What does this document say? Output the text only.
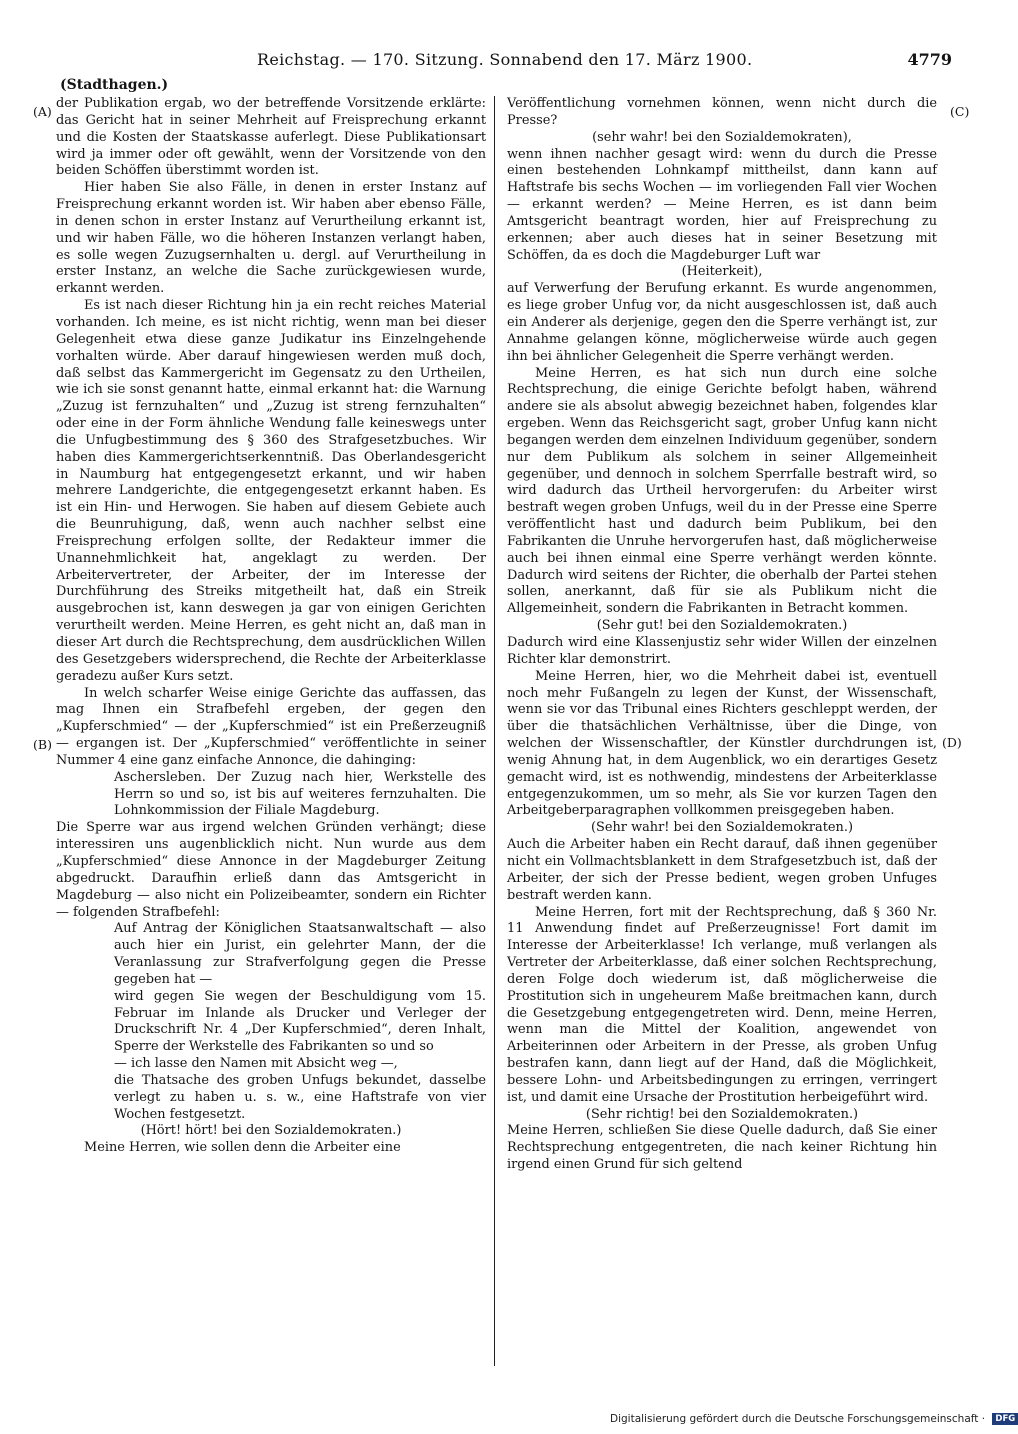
Reichstag. — 170. Sitzung. Sonnabend den 17. März 1900.	4779
(Stadthagen.)
(A)
(B)
(C)
(D)

der Publikation ergab, wo der betreffende Vorsitzende erklärte: das Gericht hat in seiner Mehrheit auf Freisprechung erkannt und die Kosten der Staatskasse auferlegt. Diese Publikationsart wird ja immer oder oft gewählt, wenn der Vorsitzende von den beiden Schöffen überstimmt worden ist.

Hier haben Sie also Fälle, in denen in erster Instanz auf Freisprechung erkannt worden ist. Wir haben aber ebenso Fälle, in denen schon in erster Instanz auf Verurtheilung erkannt ist, und wir haben Fälle, wo die höheren Instanzen verlangt haben, es solle wegen Zuzugsernhalten u. dergl. auf Verurtheilung in erster Instanz, an welche die Sache zurückgewiesen wurde, erkannt werden.

Es ist nach dieser Richtung hin ja ein recht reiches Material vorhanden. Ich meine, es ist nicht richtig, wenn man bei dieser Gelegenheit etwa diese ganze Judikatur ins Einzelngehende vorhalten würde. Aber darauf hingewiesen werden muß doch, daß selbst das Kammergericht im Gegensatz zu den Urtheilen, wie ich sie sonst genannt hatte, einmal erkannt hat: die Warnung „Zuzug ist fernzuhalten“ und „Zuzug ist streng fernzuhalten“ oder eine in der Form ähnliche Wendung falle keineswegs unter die Unfugbestimmung des § 360 des Strafgesetzbuches. Wir haben dies Kammergerichtserkenntniß. Das Oberlandesgericht in Naumburg hat entgegengesetzt erkannt, und wir haben mehrere Landgerichte, die entgegengesetzt erkannt haben. Es ist ein Hin- und Herwogen. Sie haben auf diesem Gebiete auch die Beunruhigung, daß, wenn auch nachher selbst eine Freisprechung erfolgen sollte, der Redakteur immer die Unannehmlichkeit hat, angeklagt zu werden. Der Arbeitervertreter, der Arbeiter, der im Interesse der Durchführung des Streiks mitgetheilt hat, daß ein Streik ausgebrochen ist, kann deswegen ja gar von einigen Gerichten verurtheilt werden. Meine Herren, es geht nicht an, daß man in dieser Art durch die Rechtsprechung, dem ausdrücklichen Willen des Gesetzgebers widersprechend, die Rechte der Arbeiterklasse geradezu außer Kurs setzt.

In welch scharfer Weise einige Gerichte das auffassen, das mag Ihnen ein Strafbefehl ergeben, der gegen den „Kupferschmied“ — der „Kupferschmied“ ist ein Preßerzeugniß — ergangen ist. Der „Kupferschmied“ veröffentlichte in seiner Nummer 4 eine ganz einfache Annonce, die dahinging:

Aschersleben. Der Zuzug nach hier, Werkstelle des Herrn so und so, ist bis auf weiteres fernzuhalten. Die Lohnkommission der Filiale Magdeburg.

Die Sperre war aus irgend welchen Gründen verhängt; diese interessiren uns augenblicklich nicht. Nun wurde aus dem „Kupferschmied“ diese Annonce in der Magdeburger Zeitung abgedruckt. Daraufhin erließ dann das Amtsgericht in Magdeburg — also nicht ein Polizeibeamter, sondern ein Richter — folgenden Strafbefehl:

Auf Antrag der Königlichen Staatsanwaltschaft — also auch hier ein Jurist, ein gelehrter Mann, der die Veranlassung zur Strafverfolgung gegen die Presse gegeben hat —

wird gegen Sie wegen der Beschuldigung vom 15. Februar im Inlande als Drucker und Verleger der Druckschrift Nr. 4 „Der Kupferschmied“, deren Inhalt, Sperre der Werkstelle des Fabrikanten so und so

— ich lasse den Namen mit Absicht weg —,

die Thatsache des groben Unfugs bekundet, dasselbe verlegt zu haben u. s. w., eine Haftstrafe von vier Wochen festgesetzt.

(Hört! hört! bei den Sozialdemokraten.)

Meine Herren, wie sollen denn die Arbeiter eine

Veröffentlichung vornehmen können, wenn nicht durch die Presse?

(sehr wahr! bei den Sozialdemokraten),

wenn ihnen nachher gesagt wird: wenn du durch die Presse einen bestehenden Lohnkampf mittheilst, dann kann auf Haftstrafe bis sechs Wochen — im vorliegenden Fall vier Wochen — erkannt werden? — Meine Herren, es ist dann beim Amtsgericht beantragt worden, hier auf Freisprechung zu erkennen; aber auch dieses hat in seiner Besetzung mit Schöffen, da es doch die Magdeburger Luft war

(Heiterkeit),

auf Verwerfung der Berufung erkannt. Es wurde angenommen, es liege grober Unfug vor, da nicht ausgeschlossen ist, daß auch ein Anderer als derjenige, gegen den die Sperre verhängt ist, zur Annahme gelangen könne, möglicherweise würde auch gegen ihn bei ähnlicher Gelegenheit die Sperre verhängt werden.

Meine Herren, es hat sich nun durch eine solche Rechtsprechung, die einige Gerichte befolgt haben, während andere sie als absolut abwegig bezeichnet haben, folgendes klar ergeben. Wenn das Reichsgericht sagt, grober Unfug kann nicht begangen werden dem einzelnen Individuum gegenüber, sondern nur dem Publikum als solchem in seiner Allgemeinheit gegenüber, und dennoch in solchem Sperrfalle bestraft wird, so wird dadurch das Urtheil hervorgerufen: du Arbeiter wirst bestraft wegen groben Unfugs, weil du in der Presse eine Sperre veröffentlicht hast und dadurch beim Publikum, bei den Fabrikanten die Unruhe hervorgerufen hast, daß möglicherweise auch bei ihnen einmal eine Sperre verhängt werden könnte. Dadurch wird seitens der Richter, die oberhalb der Partei stehen sollen, anerkannt, daß für sie als Publikum nicht die Allgemeinheit, sondern die Fabrikanten in Betracht kommen.

(Sehr gut! bei den Sozialdemokraten.)

Dadurch wird eine Klassenjustiz sehr wider Willen der einzelnen Richter klar demonstrirt.

Meine Herren, hier, wo die Mehrheit dabei ist, eventuell noch mehr Fußangeln zu legen der Kunst, der Wissenschaft, wenn sie vor das Tribunal eines Richters geschleppt werden, der über die thatsächlichen Verhältnisse, über die Dinge, von welchen der Wissenschaftler, der Künstler durchdrungen ist, wenig Ahnung hat, in dem Augenblick, wo ein derartiges Gesetz gemacht wird, ist es nothwendig, mindestens der Arbeiterklasse entgegenzukommen, um so mehr, als Sie vor kurzen Tagen den Arbeitgeberparagraphen vollkommen preisgegeben haben.

(Sehr wahr! bei den Sozialdemokraten.)

Auch die Arbeiter haben ein Recht darauf, daß ihnen gegenüber nicht ein Vollmachtsblankett in dem Strafgesetzbuch ist, daß der Arbeiter, der sich der Presse bedient, wegen groben Unfuges bestraft werden kann.

Meine Herren, fort mit der Rechtsprechung, daß § 360 Nr. 11 Anwendung findet auf Preßerzeugnisse! Fort damit im Interesse der Arbeiterklasse! Ich verlange, muß verlangen als Vertreter der Arbeiterklasse, daß einer solchen Rechtsprechung, deren Folge doch wiederum ist, daß möglicherweise die Prostitution sich in ungeheurem Maße breitmachen kann, durch die Gesetzgebung entgegengetreten wird. Denn, meine Herren, wenn man die Mittel der Koalition, angewendet von Arbeiterinnen oder Arbeitern in der Presse, als groben Unfug bestrafen kann, dann liegt auf der Hand, daß die Möglichkeit, bessere Lohn- und Arbeitsbedingungen zu erringen, verringert ist, und damit eine Ursache der Prostitution herbeigeführt wird.

(Sehr richtig! bei den Sozialdemokraten.)

Meine Herren, schließen Sie diese Quelle dadurch, daß Sie einer Rechtsprechung entgegentreten, die nach keiner Richtung hin irgend einen Grund für sich geltend

Digitalisierung gefördert durch die Deutsche Forschungsgemeinschaft · DFG
